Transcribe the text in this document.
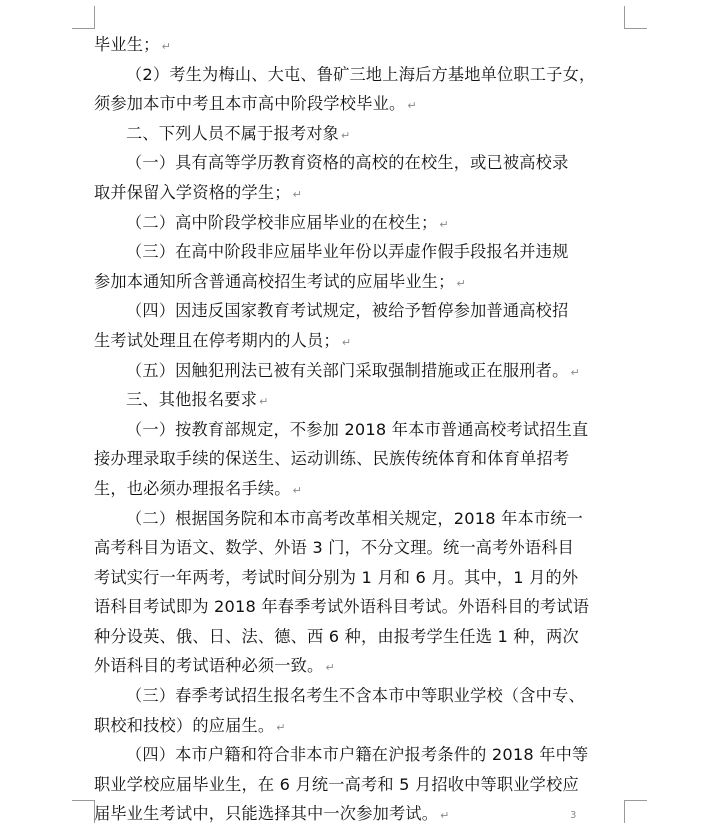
毕业生； ↵
（2）考生为梅山、大屯、鲁矿三地上海后方基地单位职工子女，
须参加本市中考且本市高中阶段学校毕业。 ↵
二、下列人员不属于报考对象 ↵
（一）具有高等学历教育资格的高校的在校生，或已被高校录
取并保留入学资格的学生； ↵
（二）高中阶段学校非应届毕业的在校生； ↵
（三）在高中阶段非应届毕业年份以弄虚作假手段报名并违规
参加本通知所含普通高校招生考试的应届毕业生； ↵
（四）因违反国家教育考试规定，被给予暂停参加普通高校招
生考试处理且在停考期内的人员； ↵
（五）因触犯刑法已被有关部门采取强制措施或正在服刑者。 ↵
三、其他报名要求 ↵
（一）按教育部规定，不参加 2018 年本市普通高校考试招生直
接办理录取手续的保送生、运动训练、民族传统体育和体育单招考
生，也必须办理报名手续。 ↵
（二）根据国务院和本市高考改革相关规定，2018 年本市统一
高考科目为语文、数学、外语 3 门，不分文理。统一高考外语科目
考试实行一年两考，考试时间分别为 1 月和 6 月。其中，1 月的外
语科目考试即为 2018 年春季考试外语科目考试。外语科目的考试语
种分设英、俄、日、法、德、西 6 种，由报考学生任选 1 种，两次
外语科目的考试语种必须一致。 ↵
（三）春季考试招生报名考生不含本市中等职业学校（含中专、
职校和技校）的应届生。 ↵
（四）本市户籍和符合非本市户籍在沪报考条件的 2018 年中等
职业学校应届毕业生，在 6 月统一高考和 5 月招收中等职业学校应
届毕业生考试中，只能选择其中一次参加考试。 ↵	3
